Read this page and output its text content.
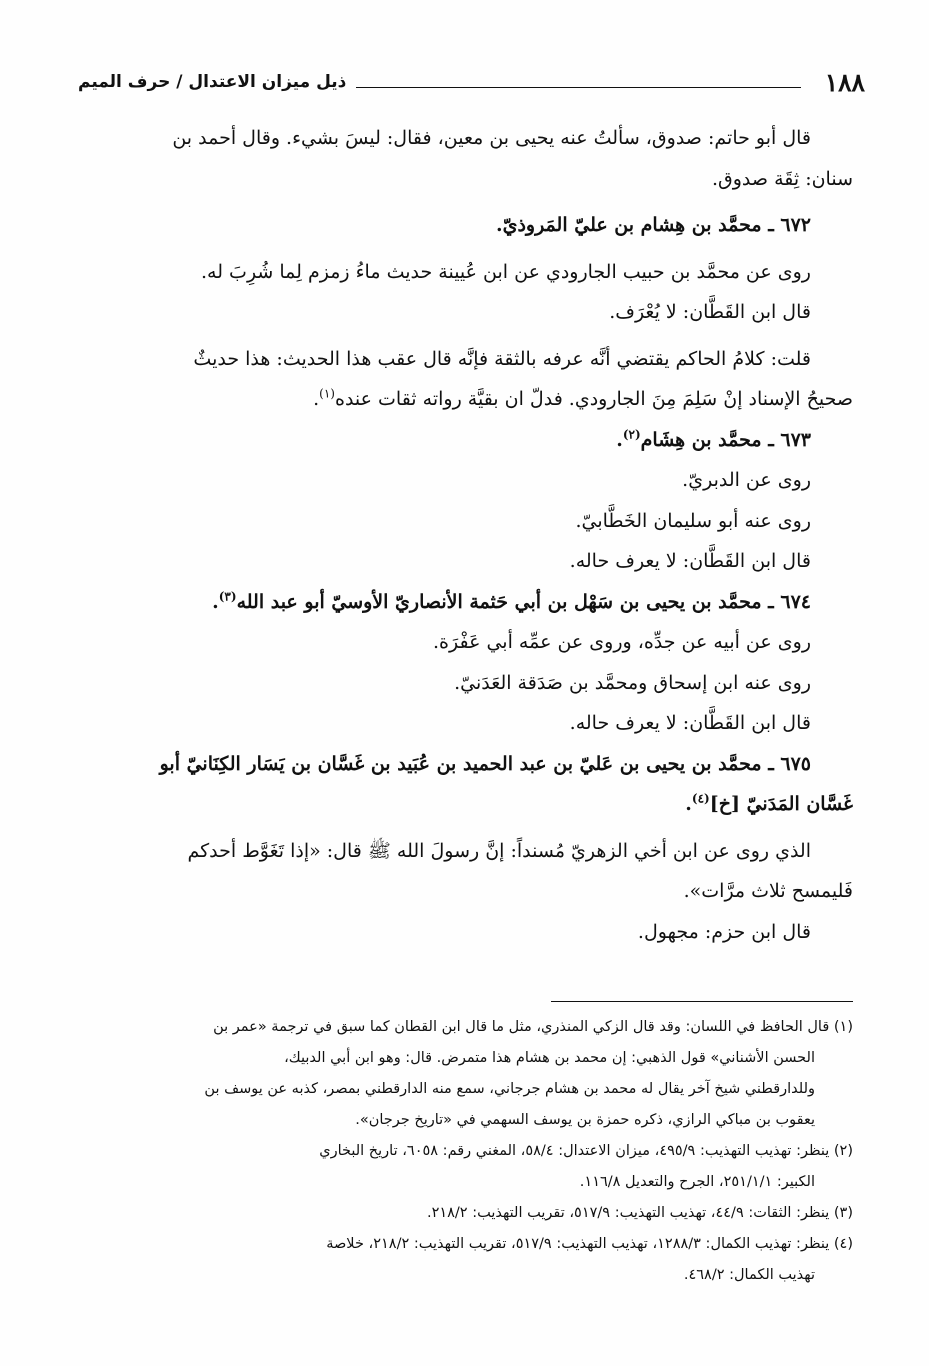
١٨٨
ذيل ميزان الاعتدال / حرف الميم

قال أبو حاتم: صدوق، سألتُ عنه يحيى بن معين، فقال: ليسَ بشيء. وقال أحمد بن

سنان: ثِقَة صدوق.

٦٧٢ ـ محمَّد بن هِشام بن عليّ المَروذيّ.

روى عن محمَّد بن حبيب الجارودي عن ابن عُيينة حديث ماءُ زمزم لِما شُرِبَ له.

قال ابن القَطَّان: لا يُعْرَف.

قلت: كلامُ الحاكم يقتضي أنَّه عرفه بالثقة فإنَّه قال عقب هذا الحديث: هذا حديثٌ

صحيحُ الإسناد إنْ سَلِمَ مِنَ الجارودي. فدلّ ان بقيَّة رواته ثقات عنده$^{(١)}$.

٦٧٣ ـ محمَّد بن هِشَام$^{(٢)}$.

روى عن الدبريّ.

روى عنه أبو سليمان الخَطَّابيّ.

قال ابن القَطَّان: لا يعرف حاله.

٦٧٤ ـ محمَّد بن يحيى بن سَهْل بن أبي حَثمة الأنصاريّ الأوسيّ أبو عبد الله$^{(٣)}$.

روى عن أبيه عن جدِّه، وروى عن عمِّه أبي عَفْرَة.

روى عنه ابن إسحاق ومحمَّد بن صَدَقة العَدَنيّ.

قال ابن القَطَّان: لا يعرف حاله.

٦٧٥ ـ محمَّد بن يحيى بن عَليّ بن عبد الحميد بن عُبَيد بن غَسَّان بن يَسَار الكِنَانيّ أبو

غَسَّان المَدَنيّ [خ]$^{(٤)}$.

الذي روى عن ابن أخي الزهريّ مُسنداً: إنَّ رسولَ الله ﷺ قال: «إذا تَغَوَّط أحدكم

فَليمسح ثلاث مرَّات».

قال ابن حزم: مجهول.

(١) قال الحافظ في اللسان: وقد قال الزكي المنذري، مثل ما قال ابن القطان كما سبق في ترجمة «عمر بن

الحسن الأشناني» قول الذهبي: إن محمد بن هشام هذا متمرض. قال: وهو ابن أبي الدبيك،

وللدارقطني شيخ آخر يقال له محمد بن هشام جرجاني، سمع منه الدارقطني بمصر، كذبه عن يوسف بن

يعقوب بن مباكي الرازي، ذكره حمزة بن يوسف السهمي في «تاريخ جرجان».

(٢) ينظر: تهذيب التهذيب: ٤٩٥/٩، ميزان الاعتدال: ٥٨/٤، المغني رقم: ٦٠٥٨، تاريخ البخاري

الكبير: ٢٥١/١/١، الجرح والتعديل ١١٦/٨.

(٣) ينظر: الثقات: ٤٤/٩، تهذيب التهذيب: ٥١٧/٩، تقريب التهذيب: ٢١٨/٢.

(٤) ينظر: تهذيب الكمال: ١٢٨٨/٣، تهذيب التهذيب: ٥١٧/٩، تقريب التهذيب: ٢١٨/٢، خلاصة

تهذيب الكمال: ٤٦٨/٢.
